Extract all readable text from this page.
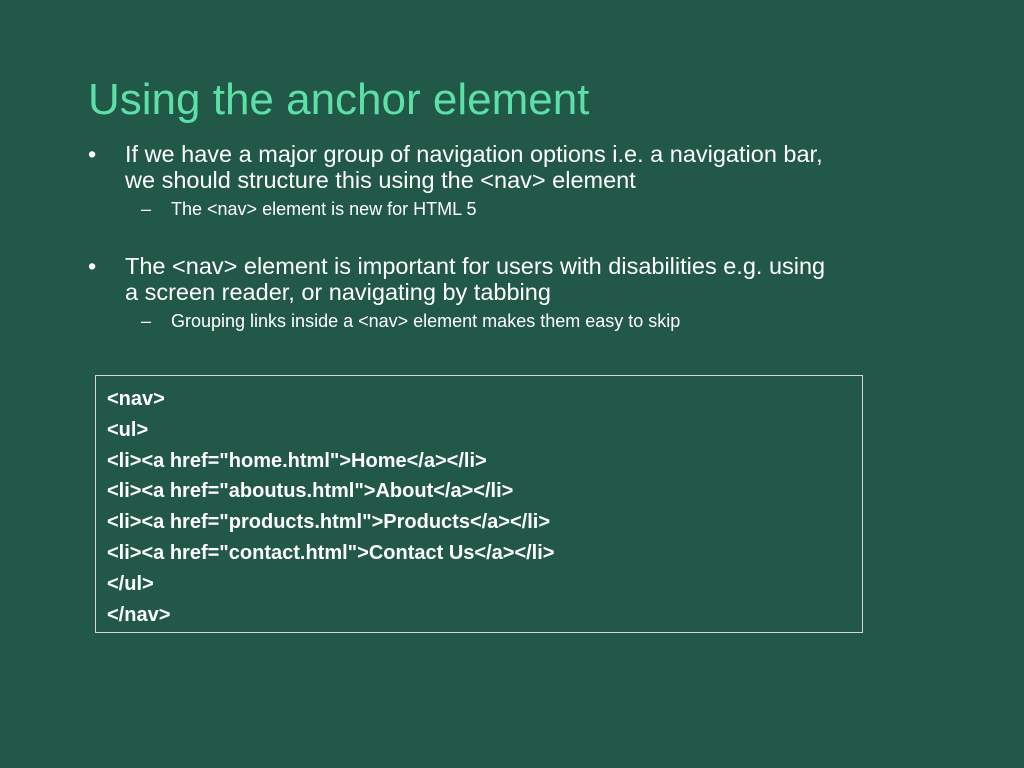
Using the anchor element
• If we have a major group of navigation options i.e. a navigation bar,
we should structure this using the <nav> element
– The <nav> element is new for HTML 5
• The <nav> element is important for users with disabilities e.g. using
a screen reader, or navigating by tabbing
– Grouping links inside a <nav> element makes them easy to skip
<nav>
<ul>
<li><a href="home.html">Home</a></li>
<li><a href="aboutus.html">About</a></li>
<li><a href="products.html">Products</a></li>
<li><a href="contact.html">Contact Us</a></li>
</ul>
</nav>
